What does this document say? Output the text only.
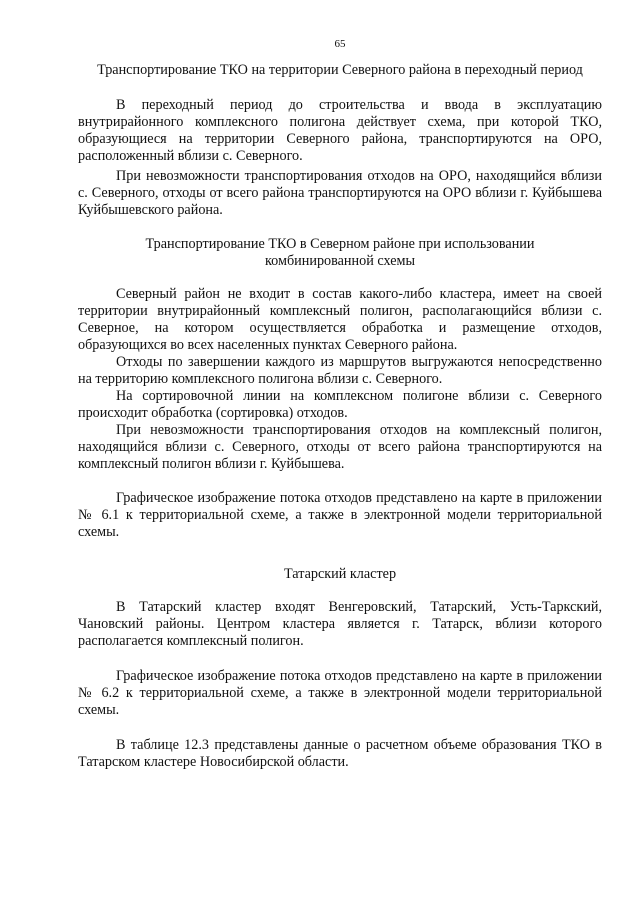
65
Транспортирование ТКО на территории Северного района в переходный период

В переходный период до строительства и ввода в эксплуатацию внутрирайонного комплексного полигона действует схема, при которой ТКО, образующиеся на территории Северного района, транспортируются на ОРО, расположенный вблизи с. Северного.

При невозможности транспортирования отходов на ОРО, находящийся вблизи с. Северного, отходы от всего района транспортируются на ОРО вблизи г. Куйбышева Куйбышевского района.

Транспортирование ТКО в Северном районе при использовании
комбинированной схемы

Северный район не входит в состав какого-либо кластера, имеет на своей территории внутрирайонный комплексный полигон, располагающийся вблизи с. Северное, на котором осуществляется обработка и размещение отходов, образующихся во всех населенных пунктах Северного района.

Отходы по завершении каждого из маршрутов выгружаются непосредственно на территорию комплексного полигона вблизи с. Северного.

На сортировочной линии на комплексном полигоне вблизи с. Северного происходит обработка (сортировка) отходов.

При невозможности транспортирования отходов на комплексный полигон, находящийся вблизи с. Северного, отходы от всего района транспортируются на комплексный полигон вблизи г. Куйбышева.

Графическое изображение потока отходов представлено на карте в приложении № 6.1 к территориальной схеме, а также в электронной модели территориальной схемы.

Татарский кластер

В Татарский кластер входят Венгеровский, Татарский, Усть-Таркский, Чановский районы. Центром кластера является г. Татарск, вблизи которого располагается комплексный полигон.

Графическое изображение потока отходов представлено на карте в приложении № 6.2 к территориальной схеме, а также в электронной модели территориальной схемы.

В таблице 12.3 представлены данные о расчетном объеме образования ТКО в Татарском кластере Новосибирской области.
